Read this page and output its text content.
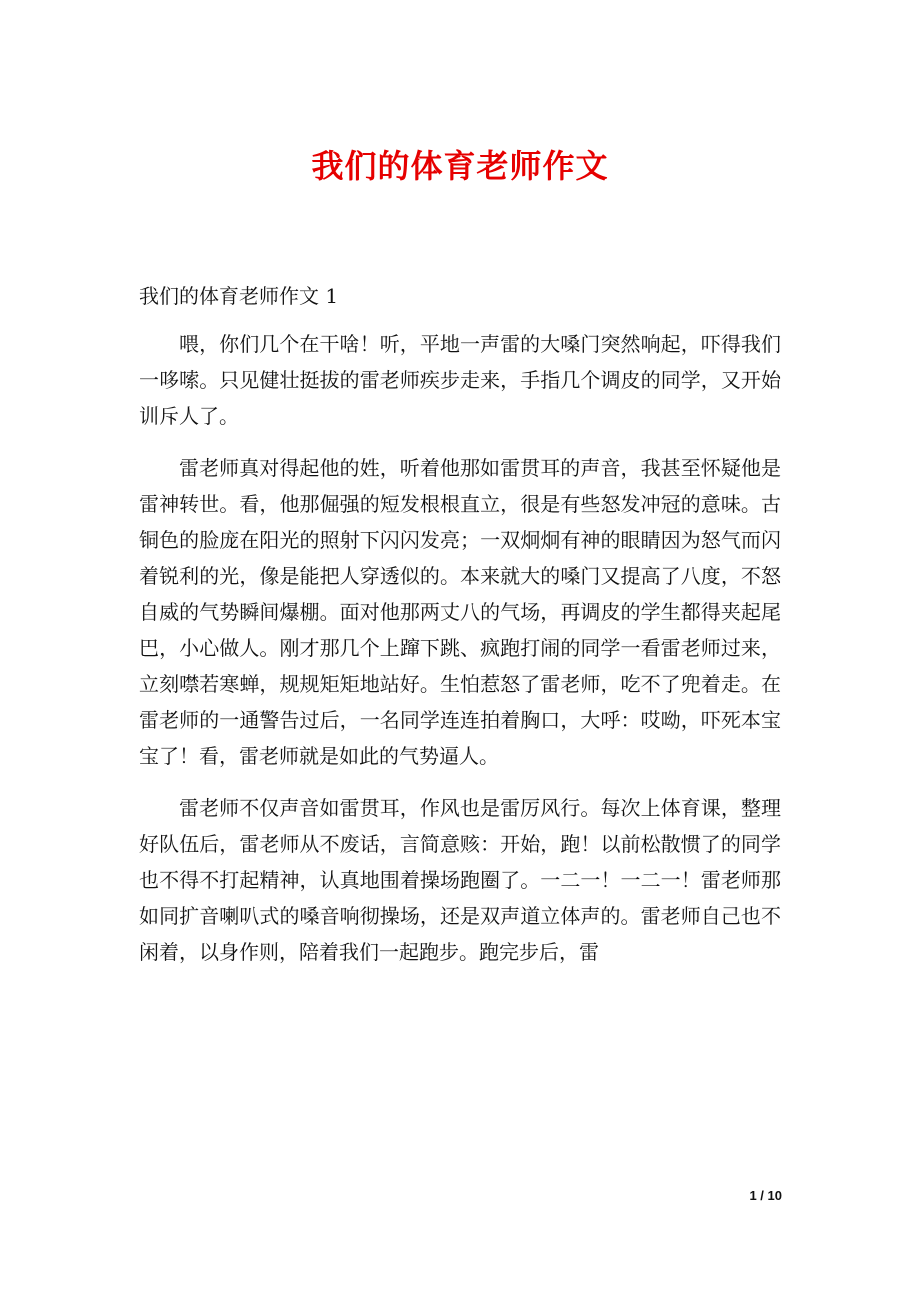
我们的体育老师作文

我们的体育老师作文 1

喂，你们几个在干啥！听，平地一声雷的大嗓门突然响起，吓得我们一哆嗦。只见健壮挺拔的雷老师疾步走来，手指几个调皮的同学，又开始训斥人了。

雷老师真对得起他的姓，听着他那如雷贯耳的声音，我甚至怀疑他是雷神转世。看，他那倔强的短发根根直立，很是有些怒发冲冠的意味。古铜色的脸庞在阳光的照射下闪闪发亮；一双炯炯有神的眼睛因为怒气而闪着锐利的光，像是能把人穿透似的。本来就大的嗓门又提高了八度，不怒自威的气势瞬间爆棚。面对他那两丈八的气场，再调皮的学生都得夹起尾巴，小心做人。刚才那几个上蹿下跳、疯跑打闹的同学一看雷老师过来，立刻噤若寒蝉，规规矩矩地站好。生怕惹怒了雷老师，吃不了兜着走。在雷老师的一通警告过后，一名同学连连拍着胸口，大呼：哎呦，吓死本宝宝了！看，雷老师就是如此的气势逼人。

雷老师不仅声音如雷贯耳，作风也是雷厉风行。每次上体育课，整理好队伍后，雷老师从不废话，言简意赅：开始，跑！以前松散惯了的同学也不得不打起精神，认真地围着操场跑圈了。一二一！一二一！雷老师那如同扩音喇叭式的嗓音响彻操场，还是双声道立体声的。雷老师自己也不闲着，以身作则，陪着我们一起跑步。跑完步后，雷

1 / 10
